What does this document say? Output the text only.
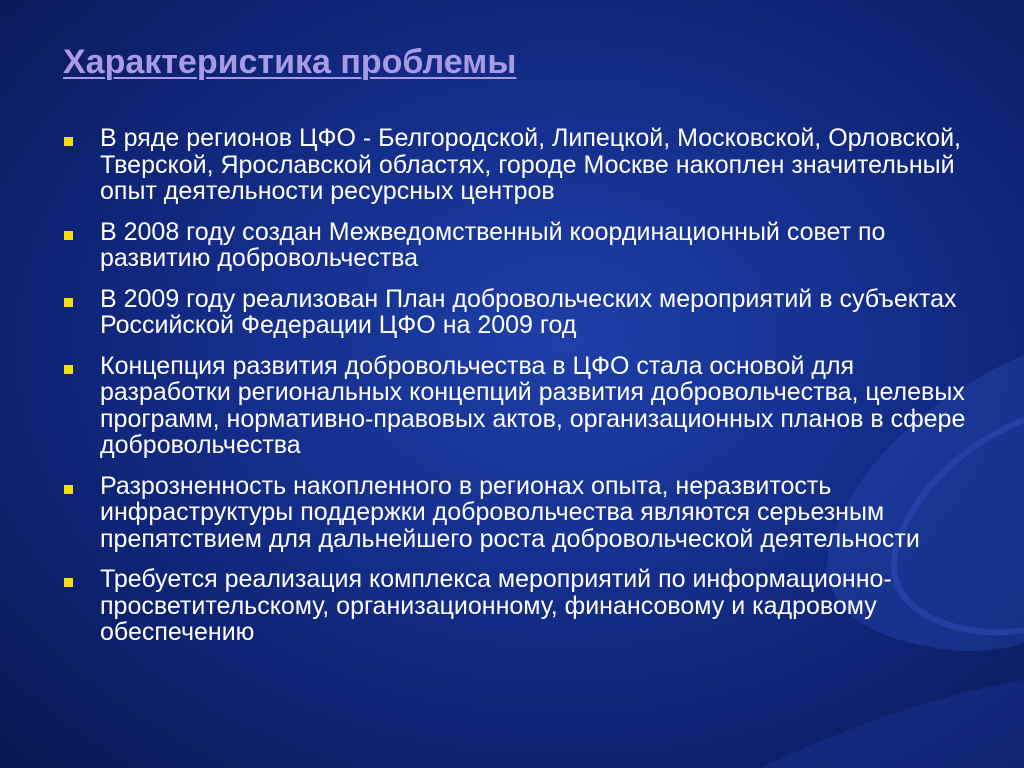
Характеристика проблемы
В ряде регионов ЦФО - Белгородской, Липецкой, Московской, Орловской, Тверской, Ярославской областях, городе Москве накоплен значительный опыт деятельности ресурсных центров
В 2008 году создан Межведомственный координационный совет по развитию добровольчества
В 2009 году реализован План добровольческих мероприятий в субъектах Российской Федерации ЦФО на 2009 год
Концепция развития добровольчества в ЦФО стала основой для разработки региональных концепций развития добровольчества, целевых программ, нормативно-правовых актов, организационных планов в сфере добровольчества
Разрозненность накопленного в регионах опыта, неразвитость инфраструктуры поддержки добровольчества являются серьезным препятствием для дальнейшего роста добровольческой деятельности
Требуется реализация комплекса мероприятий по информационно-просветительскому, организационному, финансовому и кадровому обеспечению
